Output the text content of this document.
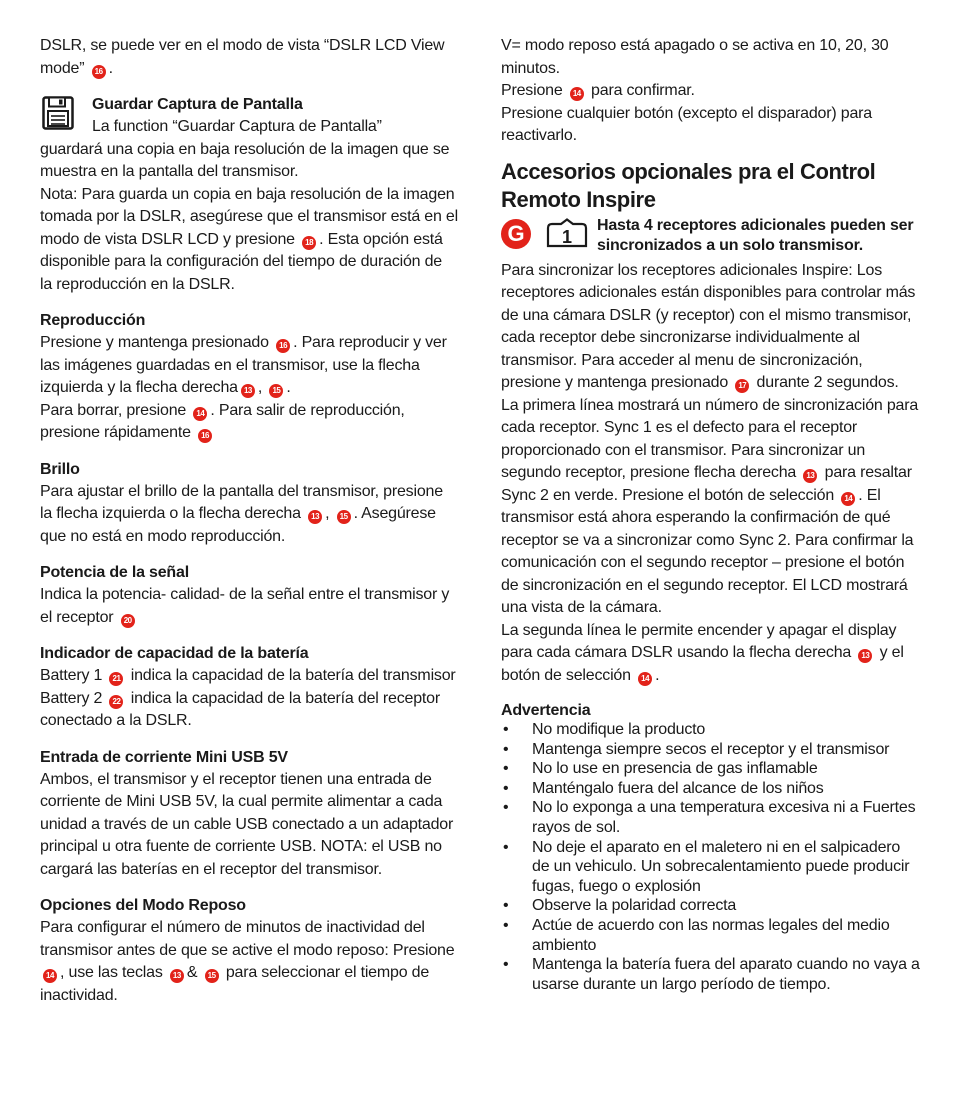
DSLR, se puede ver en el modo de vista “DSLR LCD View mode” 16 .

Guardar Captura de Pantalla

La function “Guardar Captura de Pantalla”

guardará una copia en baja resolución de la imagen que se muestra en la pantalla del transmisor.

Nota: Para guarda un copia en baja resolución de la imagen tomada por la DSLR, asegúrese que el transmisor está en el modo de vista DSLR LCD y presione 18 . Esta opción está disponible para la configuración del tiempo de duración de la reproducción en la DSLR.

Reproducción

Presione y mantenga presionado 16 . Para reproducir y ver las imágenes guardadas en el transmisor, use la flecha izquierda y la flecha derecha 13 , 15 .

Para borrar, presione 14 . Para salir de reproducción, presione rápidamente 16

Brillo

Para ajustar el brillo de la pantalla del transmisor, presione la flecha izquierda o la flecha derecha 13 , 15 . Asegúrese que no está en modo reproducción.

Potencia de la señal

Indica la potencia- calidad- de la señal entre el transmisor y el receptor 20

Indicador de capacidad de la batería

Battery 1 21 indica la capacidad de la batería del transmisor

Battery 2 22 indica la capacidad de la batería del receptor conectado a la DSLR.

Entrada de corriente Mini USB 5V

Ambos, el transmisor y el receptor tienen una entrada de corriente de Mini USB 5V, la cual permite alimentar a cada unidad a través de un cable USB conectado a un adaptador principal u otra fuente de corriente USB. NOTA: el USB no cargará las baterías en el receptor del transmisor.

Opciones del Modo Reposo

Para configurar el número de minutos de inactividad del transmisor antes de que se active el modo reposo: Presione 14 , use las teclas 13 & 15 para seleccionar el tiempo de inactividad.

V= modo reposo está apagado o se activa en 10, 20, 30 minutos.

Presione 14 para confirmar.

Presione cualquier botón (excepto el disparador) para reactivarlo.

Accesorios opcionales pra el Control Remoto Inspire
G	1
Hasta 4 receptores adicionales pueden ser sincronizados a un solo transmisor.

Para sincronizar los receptores adicionales Inspire: Los receptores adicionales están disponibles para controlar más de una cámara DSLR (y receptor) con el mismo transmisor, cada receptor debe sincronizarse individualmente al transmisor. Para acceder al menu de sincronización, presione y mantenga presionado 17 durante 2 segundos.

La primera línea mostrará un número de sincronización para cada receptor. Sync 1 es el defecto para el receptor proporcionado con el transmisor. Para sincronizar un segundo receptor, presione flecha derecha 13 para resaltar Sync 2 en verde. Presione el botón de selección 14 . El transmisor está ahora esperando la confirmación de qué receptor se va a sincronizar como Sync 2. Para confirmar la comunicación con el segundo receptor – presione el botón de sincronización en el segundo receptor. El LCD mostrará una vista de la cámara.

La segunda línea le permite encender y apagar el display para cada cámara DSLR usando la flecha derecha 13 y el botón de selección 14 .

Advertencia
• No modifique la producto
• Mantenga siempre secos el receptor y el transmisor
• No lo use en presencia de gas inflamable
• Manténgalo fuera del alcance de los niños
• No lo exponga a una temperatura excesiva ni a Fuertes rayos de sol.
• No deje el aparato en el maletero ni en el salpicadero de un vehiculo. Un sobrecalentamiento puede producir fugas, fuego o explosión
• Observe la polaridad correcta
• Actúe de acuerdo con las normas legales del medio ambiento
• Mantenga la batería fuera del aparato cuando no vaya a usarse durante un largo período de tiempo.
